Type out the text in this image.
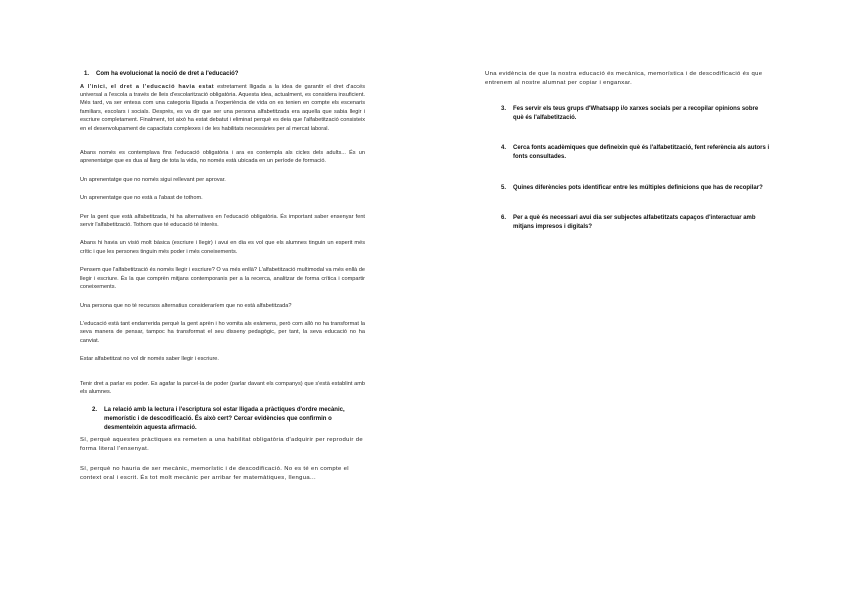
1.	Com ha evolucionat la noció de dret a l'educació?

A l'inici, el dret a l'educació havia estat estretament lligada a la idea de garantir el dret d'accés universal a l'escola a través de lleis d'escolarització obligatòria. Aquesta idea, actualment, es considera insuficient. Més tard, va ser entesa com una categoria lligada a l'experiència de vida on es tenien en compte els escenaris familiars, escolars i socials. Després, es va dir que ser una persona alfabetitzada era aquella que sabia llegir i escriure completament. Finalment, tot això ha estat debatut i eliminat perquè es deia que l'alfabetització consisteix en el desenvolupament de capacitats complexes i de les habilitats necessàries per al mercat laboral.

Abans només es contemplava fins l'educació obligatòria i ara es contempla als cicles dels adults... És un aprenentatge que es dua al llarg de tota la vida, no només està ubicada en un període de formació.

Un aprenentatge que no només sigui rellevant per aprovar.

Un aprenentatge que no està a l'abast de tothom.

Per la gent que està alfabetitzada, hi ha alternatives en l'educació obligatòria. És important saber ensenyar fent servir l'alfabetització. Tothom que té educació té interès.

Abans hi havia un visió molt bàsica (escriure i llegir) i avui en dia es vol que els alumnes tinguin un esperit més crític i que les persones tinguin més poder i més coneixements.

Pensem que l'alfabetització és només llegir i escriure? O va més enllà? L'alfabetització multimodal va més enllà de llegir i escriure. És la que comprèn mitjans contemporanis per a la recerca, analitzar de forma crítica i compartir coneixements.

Una persona que no té recursos alternatius consideraríem que no està alfabetitzada?

L'educació està tant endarrerida perquè la gent aprèn i ho vomita als exàmens, però com allò no ha transformat la seva manera de pensar, tampoc ha transformat el seu disseny pedagògic, per tant, la seva educació no ha canviat.

Estar alfabetitzat no vol dir només saber llegir i escriure.

Tenir dret a parlar es poder. Es agafar la parcel·la de poder (parlar davant els companys) que s'està establint amb els alumnes.

2.	La relació amb la lectura i l'escriptura sol estar lligada a pràctiques d'ordre mecànic, memorístic i de descodificació. És això cert? Cercar evidències que confirmin o desmenteixin aquesta afirmació.

Sí, perquè aquestes pràctiques es remeten a una habilitat obligatòria d'adquirir per reproduir de forma literal l'ensenyat.

Sí, perquè no hauria de ser mecànic, memorístic i de descodificació. No es té en compte el context oral i escrit. És tot molt mecànic per arribar fer matemàtiques, llengua...

Una evidència de que la nostra educació és mecànica, memorística i de descodificació és que entrenem al nostre alumnat per copiar i enganxar.

3.	Fes servir els teus grups d'Whatsapp i/o xarxes socials per a recopilar opinions sobre què és l'alfabetització.
4.	Cerca fonts acadèmiques que defineixin què és l'alfabetització, fent referència als autors i fonts consultades.
5.	Quines diferències pots identificar entre les múltiples definicions que has de recopilar?
6.	Per a què és necessari avui dia ser subjectes alfabetitzats capaços d'interactuar amb mitjans impresos i digitals?
